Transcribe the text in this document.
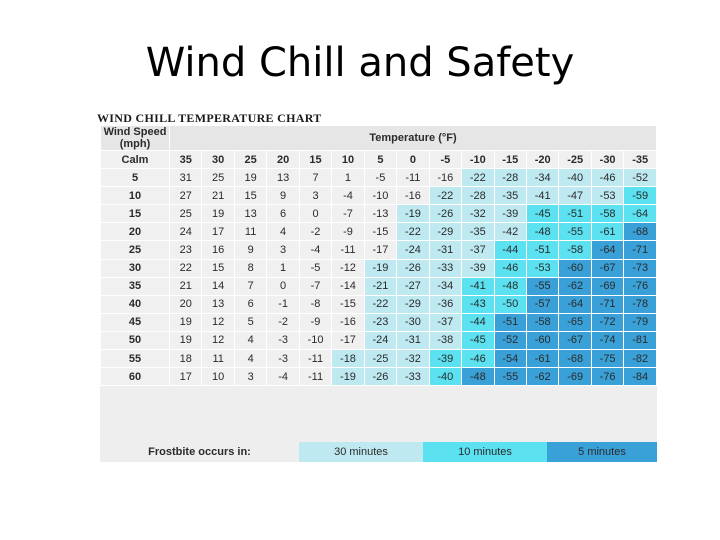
Wind Chill and Safety
WIND CHILL TEMPERATURE CHART
Wind Speed (mph)	Temperature (°F)														
Calm	35	30	25	20	15	10	5	0	-5	-10	-15	-20	-25	-30	-35
5	31	25	19	13	7	1	-5	-11	-16	-22	-28	-34	-40	-46	-52
10	27	21	15	9	3	-4	-10	-16	-22	-28	-35	-41	-47	-53	-59
15	25	19	13	6	0	-7	-13	-19	-26	-32	-39	-45	-51	-58	-64
20	24	17	11	4	-2	-9	-15	-22	-29	-35	-42	-48	-55	-61	-68
25	23	16	9	3	-4	-11	-17	-24	-31	-37	-44	-51	-58	-64	-71
30	22	15	8	1	-5	-12	-19	-26	-33	-39	-46	-53	-60	-67	-73
35	21	14	7	0	-7	-14	-21	-27	-34	-41	-48	-55	-62	-69	-76
40	20	13	6	-1	-8	-15	-22	-29	-36	-43	-50	-57	-64	-71	-78
45	19	12	5	-2	-9	-16	-23	-30	-37	-44	-51	-58	-65	-72	-79
50	19	12	4	-3	-10	-17	-24	-31	-38	-45	-52	-60	-67	-74	-81
55	18	11	4	-3	-11	-18	-25	-32	-39	-46	-54	-61	-68	-75	-82
60	17	10	3	-4	-11	-19	-26	-33	-40	-48	-55	-62	-69	-76	-84
Frostbite occurs in:	30 minutes	10 minutes	5 minutes
